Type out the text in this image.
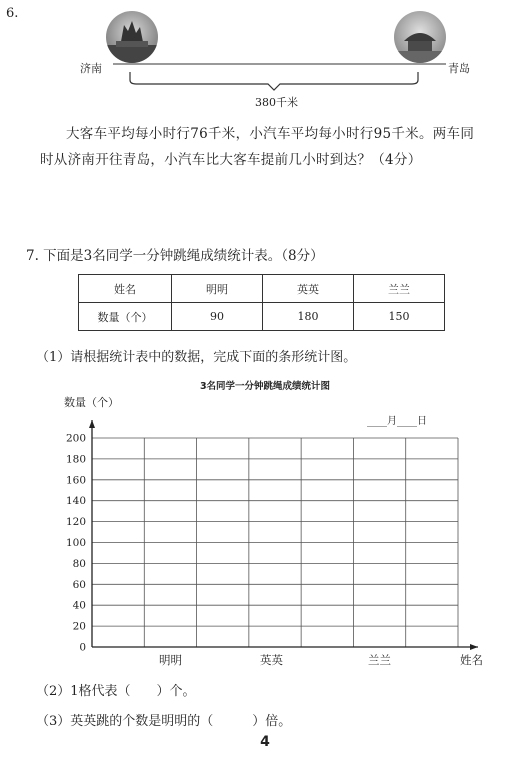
6.
济南	青岛
380千米
大客车平均每小时行76千米，小汽车平均每小时行95千米。两车同
时从济南开往青岛，小汽车比大客车提前几小时到达？（4分）
7. 下面是3名同学一分钟跳绳成绩统计表。（8分）
姓名	明明	英英	兰兰
数量（个）	90	180	150
（1）请根据统计表中的数据，完成下面的条形统计图。
3名同学一分钟跳绳成绩统计图
数量（个）
____月____日
0
20
40
60
80
100
120
140
160
180
200
明明	英英	兰兰	姓名
（2）1格代表（　　）个。
（3）英英跳的个数是明明的（　　　）倍。
4
